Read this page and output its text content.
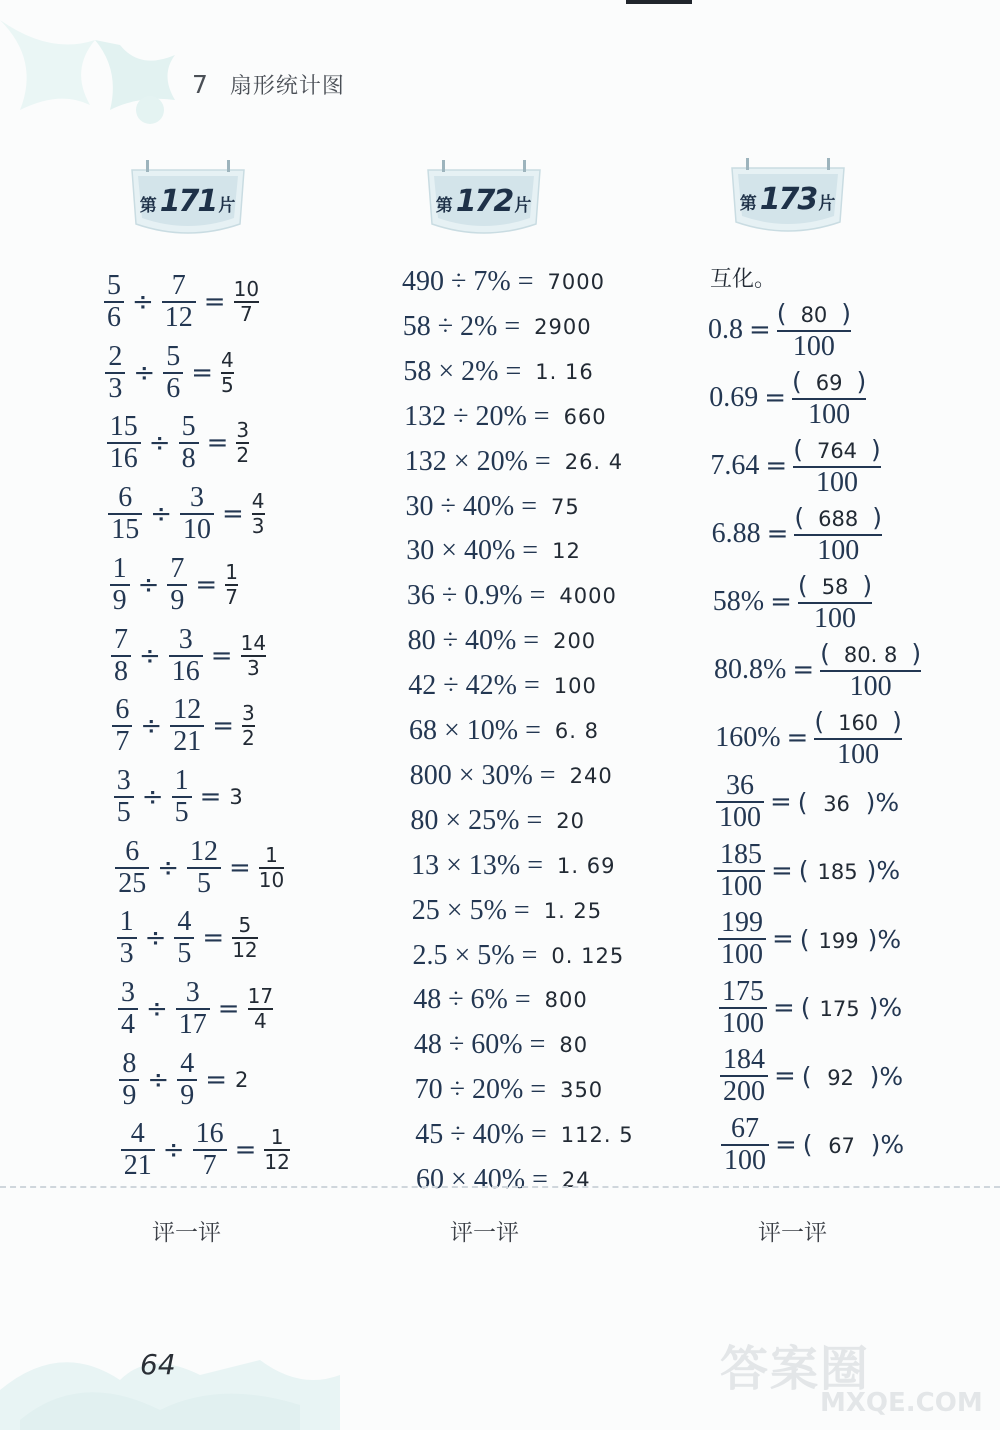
7 扇形统计图
第171 片	第172 片	第173 片
$\frac{5}{6} \div \frac{7}{12} = \frac{10}{7}$
$\frac{2}{3} \div \frac{5}{6} = \frac{4}{5}$
$\frac{15}{16} \div \frac{5}{8} = \frac{3}{2}$
$\frac{6}{15} \div \frac{3}{10} = \frac{4}{3}$
$\frac{1}{9} \div \frac{7}{9} = \frac{1}{7}$
$\frac{7}{8} \div \frac{3}{16} = \frac{14}{3}$
$\frac{6}{7} \div \frac{12}{21} = \frac{3}{2}$
$\frac{3}{5} \div \frac{1}{5} = 3$
$\frac{6}{25} \div \frac{12}{5} = \frac{1}{10}$
$\frac{1}{3} \div \frac{4}{5} = \frac{5}{12}$
$\frac{3}{4} \div \frac{3}{17} = \frac{17}{4}$
$\frac{8}{9} \div \frac{4}{9} = 2$
$\frac{4}{21} \div \frac{16}{7} = \frac{1}{12}$
490 ÷ 7% = 7000
58 ÷ 2% = 2900
58 × 2% = 1. 16
132 ÷ 20% = 660
132 × 20% = 26. 4
30 ÷ 40% = 75
30 × 40% = 12
36 ÷ 0.9% = 4000
80 ÷ 40% = 200
42 ÷ 42% = 100
68 × 10% = 6. 8
800 × 30% = 240
80 × 25% = 20
13 × 13% = 1. 69
25 × 5% = 1. 25
2.5 × 5% = 0. 125
48 ÷ 6% = 800
48 ÷ 60% = 80
70 ÷ 20% = 350
45 ÷ 40% = 112. 5
60 × 40% = 24
互化。
$0.8 = \frac{( 80 )}{100}$
$0.69 = \frac{( 69 )}{100}$
$7.64 = \frac{( 764 )}{100}$
$6.88 = \frac{( 688 )}{100}$
$58\% = \frac{( 58 )}{100}$
$80.8\% = \frac{( 80. 8 )}{100}$
$160\% = \frac{( 160 )}{100}$
$\frac{36}{100}$ = ( 36 )%
$\frac{185}{100}$ = ( 185 )%
$\frac{199}{100}$ = ( 199 )%
$\frac{175}{100}$ = ( 175 )%
$\frac{184}{200}$ = ( 92 )%
$\frac{67}{100}$ = ( 67 )%
评一评	评一评	评一评
64	答案圈
MXQE.COM
